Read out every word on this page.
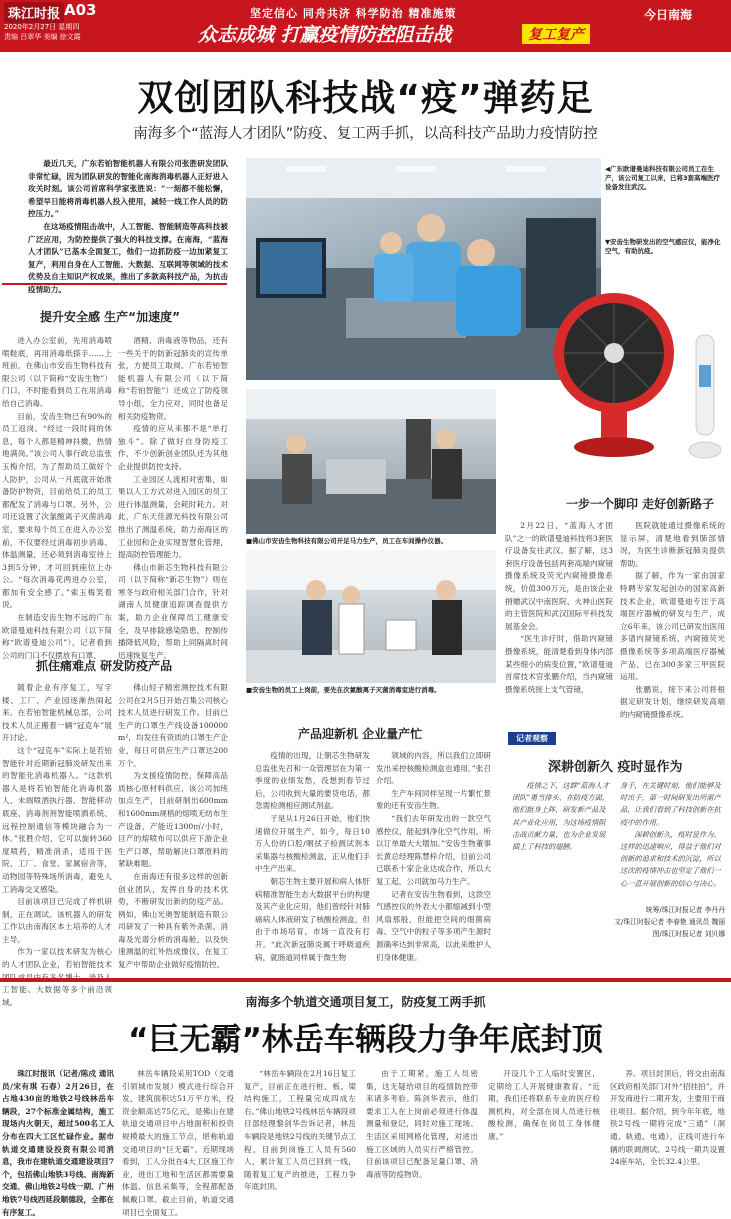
珠江时报 A03
2020年2月27日 星期四
责编 吕翠华 美编 徐文霞
坚定信心 同舟共济 科学防治 精准施策
众志成城 打赢疫情防控阻击战	复工复产
今日南海
双创团队科技战“疫”弹药足
南海多个“蓝海人才团队”防疫、复工两手抓，以高科技产品助力疫情防控

最近几天，广东若铂智能机器人有限公司张胜研发团队非常忙碌，因为团队研发的智能化南海消毒机器人正好进入攻关时刻。该公司首席科学家张胜说：“一刻都不能松懈，希望早日能将消毒机器人投入使用，减轻一线工作人员的防控压力。”

在这场疫情阻击战中，人工智能、智能制造等高科技被广泛应用，为防控提供了强大的科技支撑。在南海，“蓝海人才团队”已基本全面复工，他们一边抓防疫一边加紧复工复产，利用自身在人工智能、大数据、互联网等领域的技术优势及自主知识产权成果，推出了多款高科技产品，为抗击疫情助力。

提升安全感 生产“加速度”

进入办公室前，先用消毒喷喷鞋底，再用消毒纸搽手……上班前，在佛山市安齿生物科技有限公司（以下简称“安齿生物”）门口，不时能看到员工在用消毒给自己消毒。

目前，安齿生物已有90%的员工返岗。“经过一段时间的休息，每个人都是精神抖擞，热情地满岗。”该公司人事行政总监张玉梅介绍，为了帮助员工做好个人防护，公司从一月底就开始准备防护物资，目前给员工的员工都配发了消毒与口罩。另外，公司还设置了次氯酸离子灭菌消毒室，要求每个员工在进入办公室前，不仅要经过消毒初步消毒、体温测量，还必须到消毒室待上3到5分钟，才可回到座位上办公。“每次消毒花两进办公室，都加有安全感了。”索玉梅笑着说。

在制造安齿生物不远的广东欧谱曼迪科技有限公司（以下简称“欧谱曼迪公司”），记者看到公司的门口不仅摆放有口罩、

酒精、消毒液等物品，还有一些关于的防新冠肺炎的宣传单张，方便员工取阅。广东若铂智能机器人有限公司（以下简称“若铂智能”）还成立了防疫领导小组，全力应对，同时也备足相关防疫物资。

疫情的应从来都不是“单打独斗”。除了做好自身防疫工作，不少创新创业团队还为其他企业提供防控支持。

工业园区人流相对密集，如果以人工方式对进入园区的员工进行体温测量，会耗时耗力。对此，广东天佳源光科技有限公司推出了测温系统，助力南海区的工业园和企业实现智慧化管理，提高防控管理能力。

佛山市新芯生物科技有限公司（以下简称“新芯生物”）则在寒冬与政府相关部门合作，针对湖南人员健康追踪调查提供方案，助力企业保障员工健康安全，及早排除感染隐患，控制传播降低风险，帮助上同隔离时间迅速恢复生产。

抓住痛难点 研发防疫产品

随着企业有序复工，写字楼、工厂、产业园逐渐热闹起来。在若铂智能机械总部，公司技术人员正搬着一辆“冠克车”展开讨论。

这个“冠克车”实际上是若铂智能针对近期新冠肺炎研发出来的智能化消毒机器人。“这款机器人是将若铂智能化消毒机器人、未端喷酒执行器、智能移动底座、消毒剂剂智能喷洒系统、远程控制通信等模块融合为一体。”张胜介绍，它可以旋转360度喷药，精准消杀，适用于医院、工厂、食堂、家属宿舍等，动物园等特殊场所消毒，避免人工消毒交叉感染。

目前该项目已完成了样机研制，正在调试。该机器人的研发工作以由南海区本土培养的人才主导。

作为一家以技术研发为核心的人才团队企业，若铂智能技术 工智能、大数据等多个前沿领域。

佛山轻子精密测控技术有限公司在2月5日开始召集公司核心技术人员进行研发工作。目前已生产的口罩生产线设备100000 m²，均发往有资质的口罩生产企业，每日可供应生产口罩达200万个。

为支援疫情防控，保障高品质核心原材料供应，该公司加班加点生产，目前研制出600mm和1600mm规格的熔喷无纺布生产设备，产能近1300㎡/小时，目产的熔喷布可以供应下游企业生产口罩，帮助解决口罩原料的紧缺难题。

在南海还有很多这样的创新创业团队，发挥自身的技术优势，不断研发出新的防疫产品。例如，佛山光奥智能制造有限公司研发了一种具有紫外杀菌、消毒及光谱分析的消毒舱，以及快速测温的红外热成像仪，在复工复产中帮助企业做好疫情防控。

◀广东欧谱曼迪科技有限公司员工在生产，该公司复工以来，已将3套高端医疗设备发往武汉。
▼安齿生物研发出的空气感应仪，能净化空气，有助抗疫。
■佛山市安齿生物科技有限公司开足马力生产，员工在车间操作仪器。
■安齿生物的员工上岗前，要先在次氯酸离子灭菌消毒室进行消毒。
一步一个脚印 走好创新路子

2月22日，“蓝海人才团队”之一的欧谱曼迪科技将3套医疗设备发往武汉。据了解，这3套医疗设备包括两套高端内窥镜摄像系统及荧光内窥镜摄像系统，价值300万元，是由该企业捐赠武汉中南医院、火神山医院的主管医院和武汉国际平科技发展基金会。

“医生诊疗时，借助内窥镜摄像系统，能清楚看到身体内部某些细小的病变位置，”欧谱曼迪首席技术官张鹏介绍，当内窥镜摄像系统接上支气管镜，

医院就能通过摄像系统的显示屏，清楚地看到肺部情况，为医生诊断新冠肺炎提供帮助。

据了解，作为一家由国家特聘专家发起创办的国家高新技术企业，欧谱曼迪专注于高端医疗器械的研发与生产，成立6年来，该公司已研发出医用多谱内窥镜系统、内窥镜荧光摄像系统等多项高端医疗器械产品，已在300多家三甲医院运用。

张鹏说，接下来公司将根据定研发计划，继续研发高端的内窥镜摄像系统。

产品迎新机 企业量产忙

疫情的出现，让朝芯生物研发总监张先召和一众管理层在为第一季度的业绩发愁，没想到春节过后，公司收到大量的要货电话，都急需检测相应测试剂盒。

于是从1月26日开始，他们快速做位开展生产，如今，每日10万人份的口腔/咽拭子检测试剂本采集器与核酸检测盒，正从他们手中生产出来。

朝芯生物主要开展和病人体肝病精准智能生态大数据平台的构建及其产业化应用，他们曾经针对肺癌病人体液研发了核酸检测盒，但由于市场培育，市场一直没有打开。“此次新冠肺炎属于呼吸道疾病，就肠道同样属于微生物

领域的内容，所以我们立即研发出采控核酸检测盒也通用。”张召介绍。

生产车间同样呈现一片繁忙景象的还有安齿生物。

“我们去年研发出的一款空气感控仪，能起到净化空气作用，所以订单最大大增加。”安齿生物董事长黄总经理陈慧梓介绍，目前公司已联系十家企业达成合作，所以大复工起，公司就加马力生产。

记者在安齿生物看到，这款空气感控仪的外表大小都缩减到小型风扇那般，但能把空间的细菌病毒、空气中的粒子等多项产生源时源确率达到非常高，以此来维护人们身体健康。

记者观察
深耕创新久 疫时显作为

疫情之下，这群“蓝海人才团队”勇当排头、在防疫方面，他们挺身上阵，研发新产品及其产业化应用，为这场疫情阻击战贡献力量，也为企业发展插上了科技的翅膀。

身手，在关键时刻，他们能够及时出手，第一时间研发出所需产品，让我们看到了科技创新在抗疫中的作用。

深耕创新久，疫时显作为。这样的迅速响应，得益于他们对创新的追求和技术的沉淀，所以这次的疫情冲击也坚定了他们一心一意开展创新的信心与决心。

统筹/珠江时报记者 李丹丹
文/珠江时报记者 李春艳 通讯员 魏丽
图/珠江时报记者 刘贝娜
南海多个轨道交通项目复工，防疫复工两手抓
“巨无霸”林岳车辆段力争年底封顶

珠江时报讯（记者/陈戍 通讯员/宋有琪 石春）2月26日，在占地430亩的地铁2号线林岳车辆段，27个标准金属结构，施工现场内火朝天，超过500名工人分布在四大工区忙碌作业。据市轨道交通建设投资有限公司消息，我市在建轨道交通建设项目7个，包括佛山地铁3号线、南海新交通、佛山地铁2号线一期、广州地铁7号线西延段顺德段，全都在有序复工。

林岳车辆段采用TOD（交通引领城市发展）模式进行综合开发，建筑面积达51万平方米，投资金额高达75亿元，是佛山在建轨道交通项目中占地面积和投资规模最大的施工节点，堪称轨道交通项目的“巨无霸”。近期现场看到，工人分批在4大工区施工作业，进出工地和生活区都需要量体温、信息采集等，全程都配备佩戴口罩。截止目前，轨道交通项目已全面复工。

“林岳车辆段在2月16日复工复产，目前正在进行桩、板、梁结构施工，工程量完成四成左右。”佛山地铁2号线林岳车辆段项目部经理黎剑华告诉记者，林岳车辆段是地铁2号线的关键节点工程，目前到岗施工人员有560人，累计复工人员已回到一线，随着复工复产的推进，工程力争年底封顶。

由于工期紧，施工人员密集，这无疑给项目的疫情防控带来诸多考验。陈剑华表示，他们要求工人在上岗前必须进行体温测量和登记，同时对施工现场、生活区采用网格化管理，对进出施工区域的人员实行严格管控。目前该项目已配备足量口罩、消毒液等防疫物资。

开设几个工人临时安置区，定期给工人开展健康教育。“近期，我们还将联系专业的医疗检测机构，对全部在岗人员进行核酸检测，确保在岗员工身体健康。”

养。项目封顶后，将交由南海区政府相关部门对外“招挂拍”，并开发商进行二期开发，主要用于商住项目。据介绍，到今年年底，地铁2号线一期将完成“三通”（洞通、轨通、电通），正线可进行车辆的联调测试。2号线一期共设置24座车站，全长32.4公里。
